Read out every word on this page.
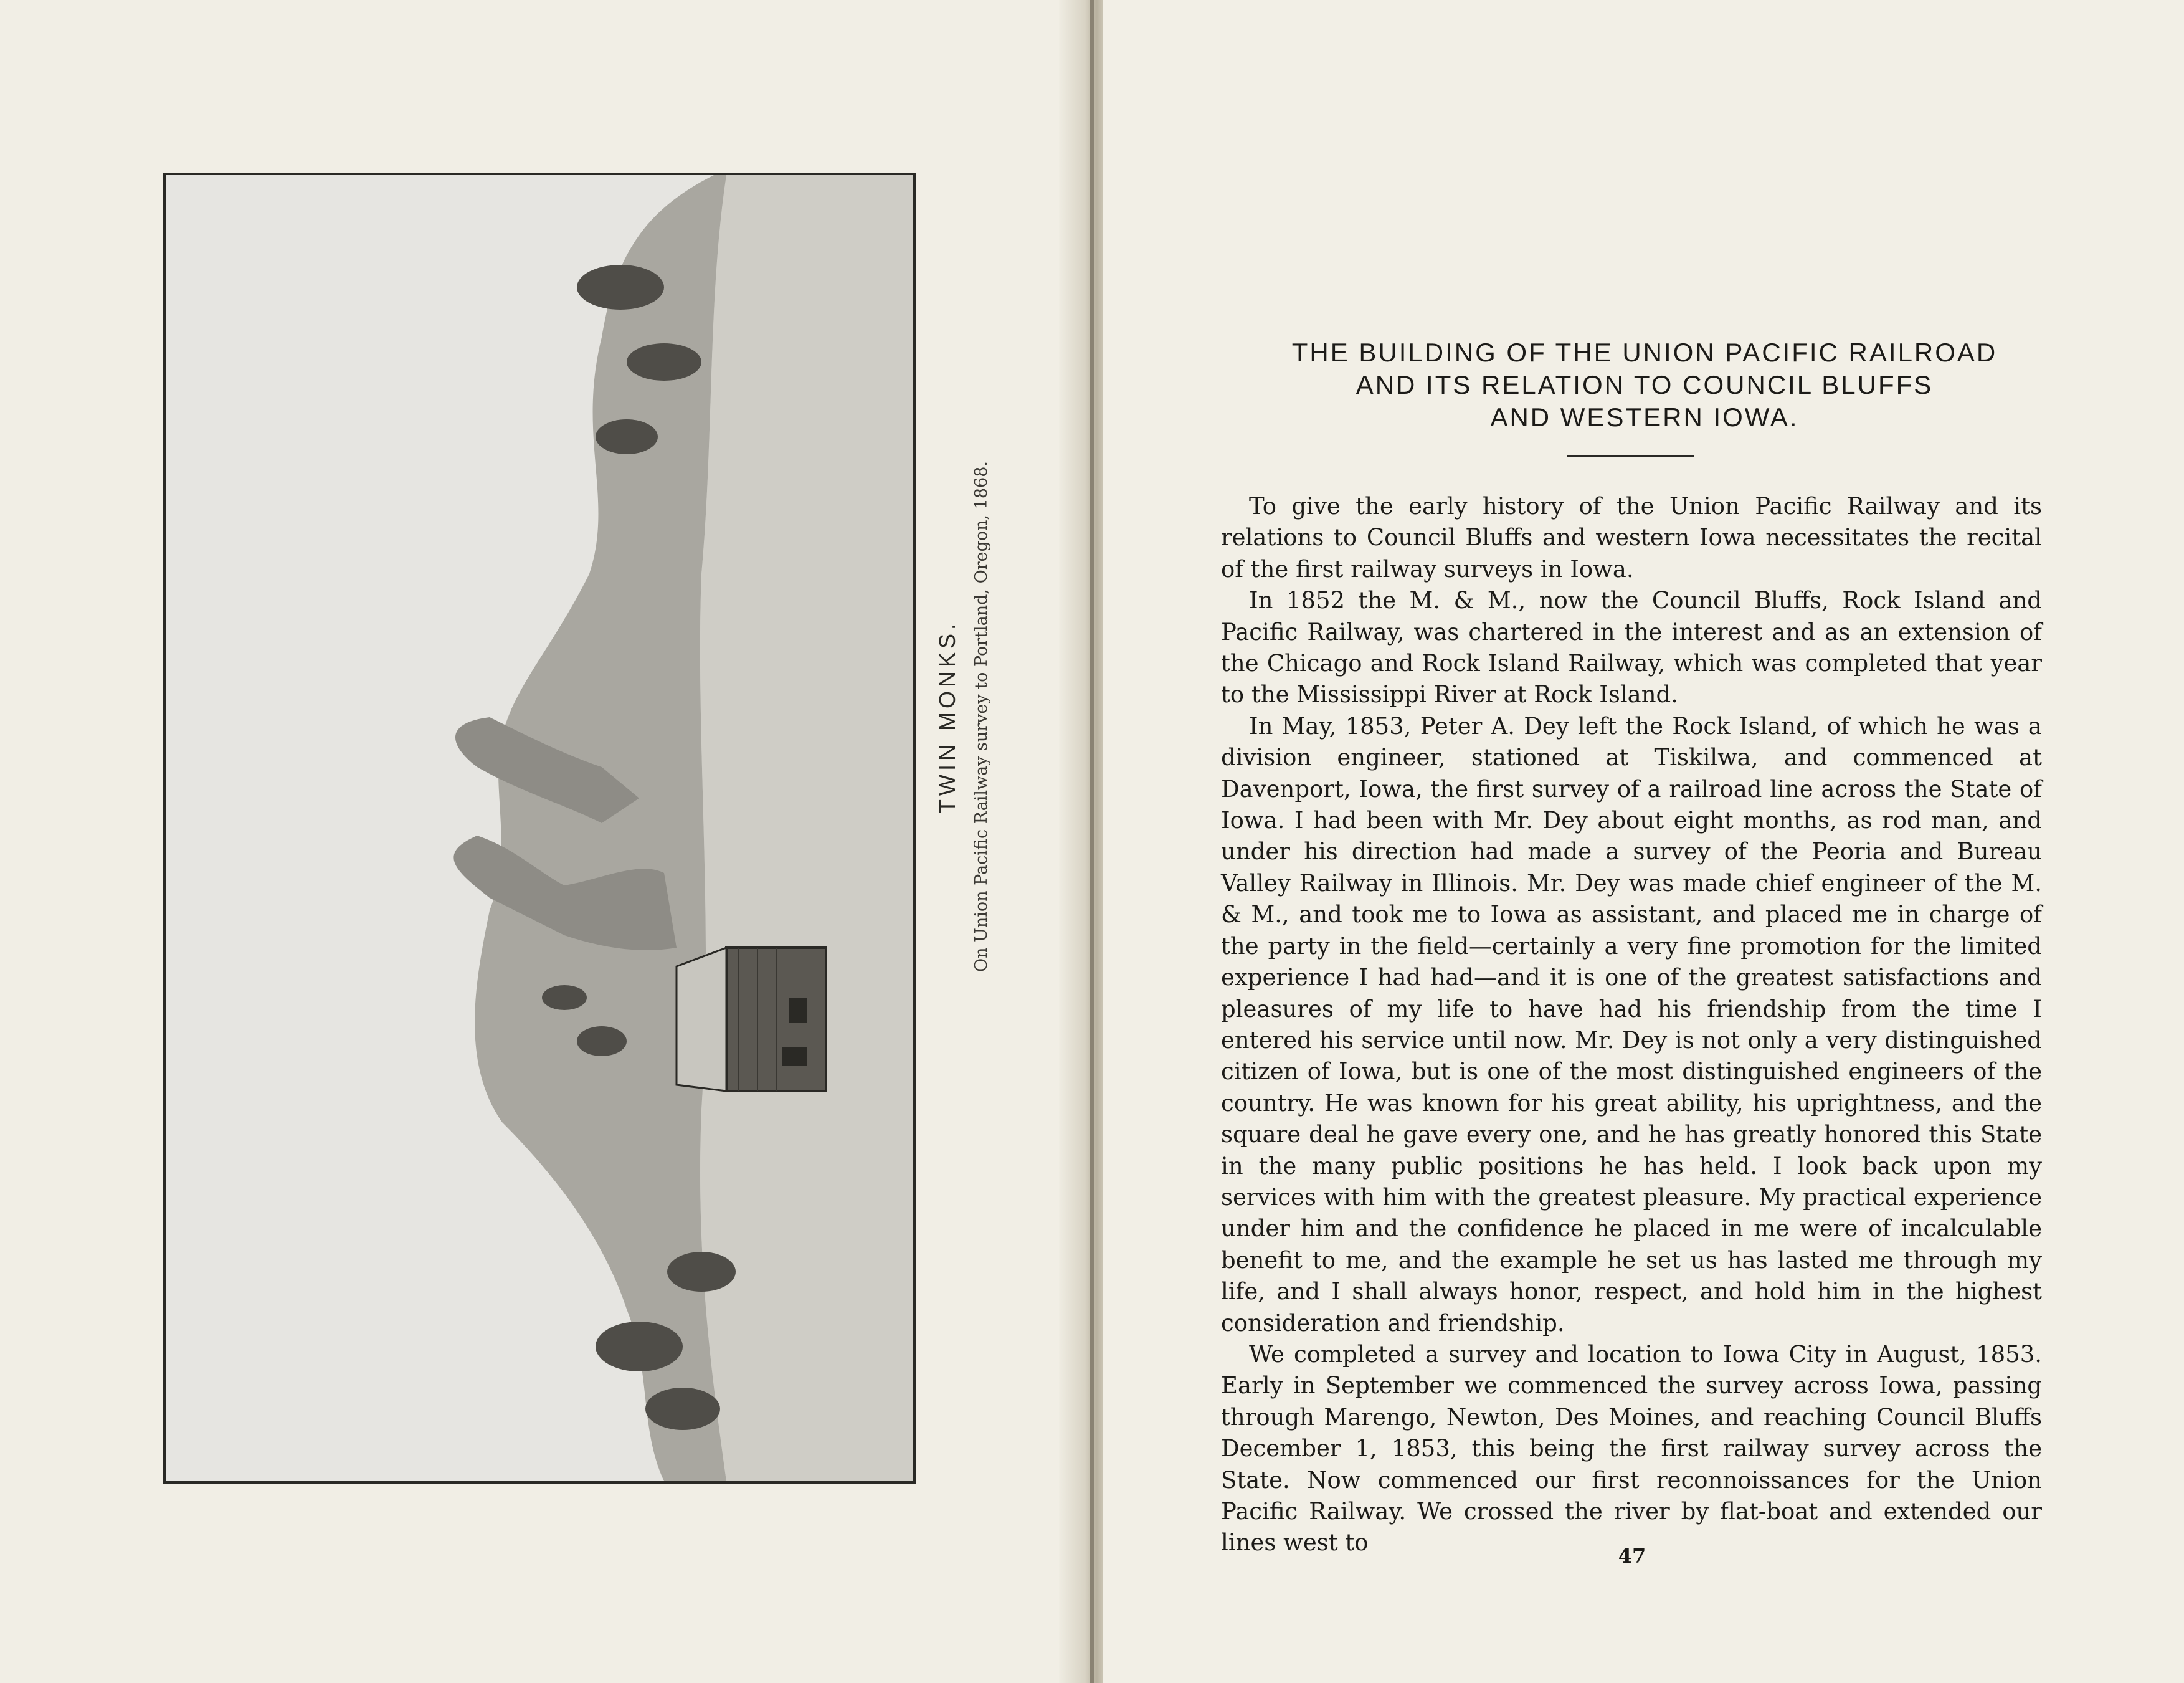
TWIN MONKS. On Union Pacific Railway survey to Portland, Oregon, 1868.
THE BUILDING OF THE UNION PACIFIC RAILROAD
AND ITS RELATION TO COUNCIL BLUFFS
AND WESTERN IOWA.

To give the early history of the Union Pacific Railway and its relations to Council Bluffs and western Iowa necessitates the recital of the first railway surveys in Iowa.

In 1852 the M. & M., now the Council Bluffs, Rock Island and Pacific Railway, was chartered in the interest and as an extension of the Chicago and Rock Island Railway, which was completed that year to the Mississippi River at Rock Island.

In May, 1853, Peter A. Dey left the Rock Island, of which he was a division engineer, stationed at Tiskilwa, and commenced at Davenport, Iowa, the first survey of a railroad line across the State of Iowa. I had been with Mr. Dey about eight months, as rod man, and under his direction had made a survey of the Peoria and Bureau Valley Railway in Illinois. Mr. Dey was made chief engineer of the M. & M., and took me to Iowa as assistant, and placed me in charge of the party in the field—certainly a very fine promotion for the limited experience I had had—and it is one of the greatest satisfactions and pleasures of my life to have had his friendship from the time I entered his service until now. Mr. Dey is not only a very distinguished citizen of Iowa, but is one of the most distinguished engineers of the country. He was known for his great ability, his uprightness, and the square deal he gave every one, and he has greatly honored this State in the many public positions he has held. I look back upon my services with him with the greatest pleasure. My practical experience under him and the confidence he placed in me were of incalculable benefit to me, and the example he set us has lasted me through my life, and I shall always honor, respect, and hold him in the highest consideration and friendship.

We completed a survey and location to Iowa City in August, 1853. Early in September we commenced the survey across Iowa, passing through Marengo, Newton, Des Moines, and reaching Council Bluffs December 1, 1853, this being the first railway survey across the State. Now commenced our first reconnoissances for the Union Pacific Railway. We crossed the river by flat-boat and extended our lines west to	47
